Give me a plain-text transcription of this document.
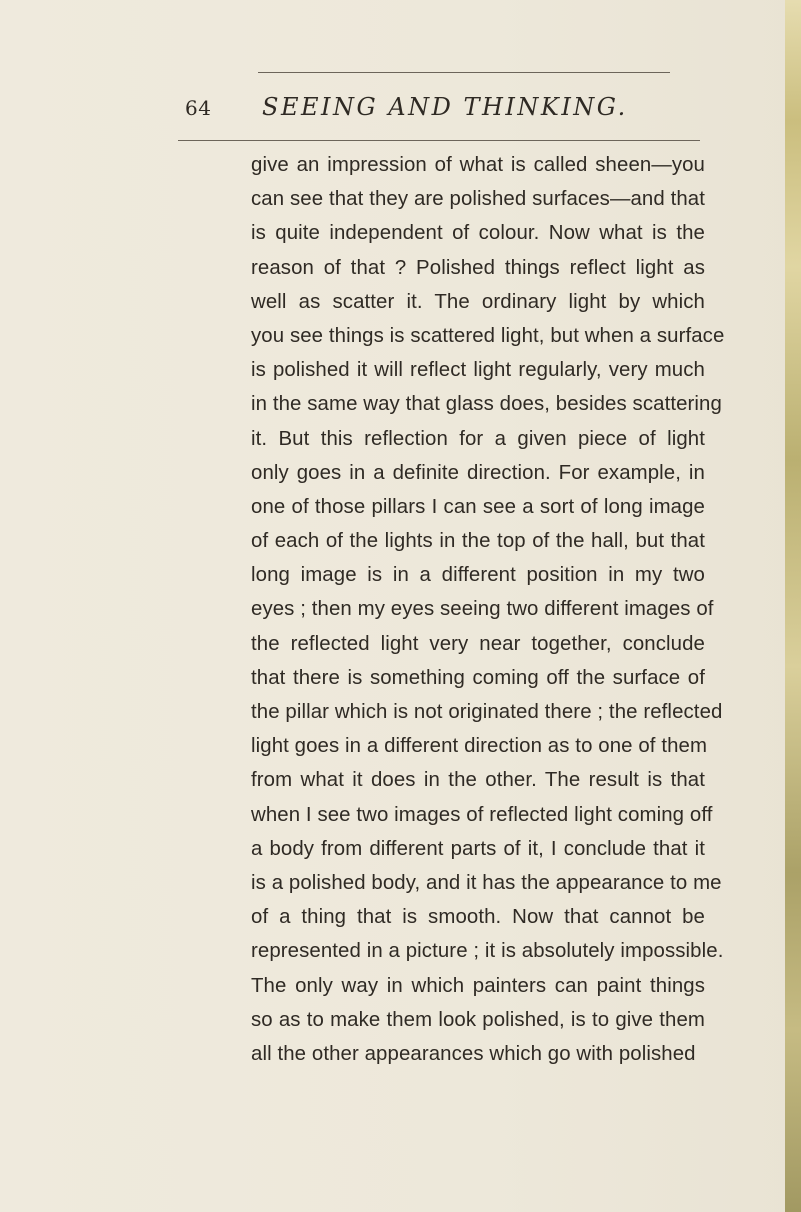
64 SEEING AND THINKING.
give an impression of what is called sheen—you
can see that they are polished surfaces—and that
is quite independent of colour. Now what is the
reason of that ? Polished things reflect light as
well as scatter it. The ordinary light by which
you see things is scattered light, but when a surface
is polished it will reflect light regularly, very much
in the same way that glass does, besides scattering
it. But this reflection for a given piece of light
only goes in a definite direction. For example, in
one of those pillars I can see a sort of long image
of each of the lights in the top of the hall, but that
long image is in a different position in my two
eyes ; then my eyes seeing two different images of
the reflected light very near together, conclude
that there is something coming off the surface of
the pillar which is not originated there ; the reflected
light goes in a different direction as to one of them
from what it does in the other. The result is that
when I see two images of reflected light coming off
a body from different parts of it, I conclude that it
is a polished body, and it has the appearance to me
of a thing that is smooth. Now that cannot be
represented in a picture ; it is absolutely impossible.
The only way in which painters can paint things
so as to make them look polished, is to give them
all the other appearances which go with polished
